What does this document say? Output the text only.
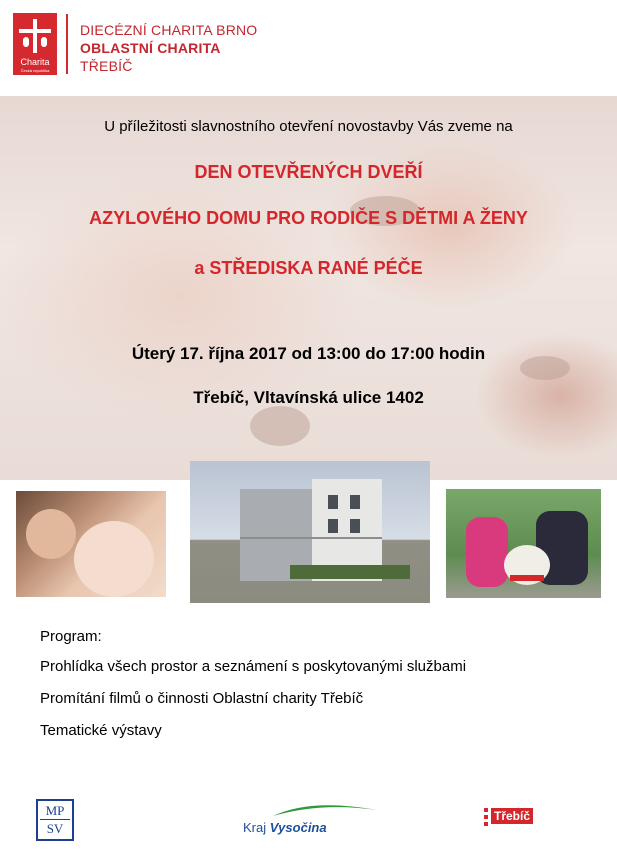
Charita
Česká republika
DIECÉZNÍ CHARITA BRNO
OBLASTNÍ CHARITA
TŘEBÍČ
U příležitosti slavnostního otevření novostavby Vás zveme na
DEN OTEVŘENÝCH DVEŘÍ
AZYLOVÉHO DOMU PRO RODIČE S DĚTMI A ŽENY
a STŘEDISKA RANÉ PÉČE
Úterý 17. října 2017 od 13:00 do 17:00 hodin
Třebíč, Vltavínská ulice 1402
Program:
Prohlídka všech prostor a seznámení s poskytovanými službami
Promítání filmů o činnosti Oblastní charity Třebíč
Tematické výstavy
MP
SV	Kraj Vysočina
Třebíč
